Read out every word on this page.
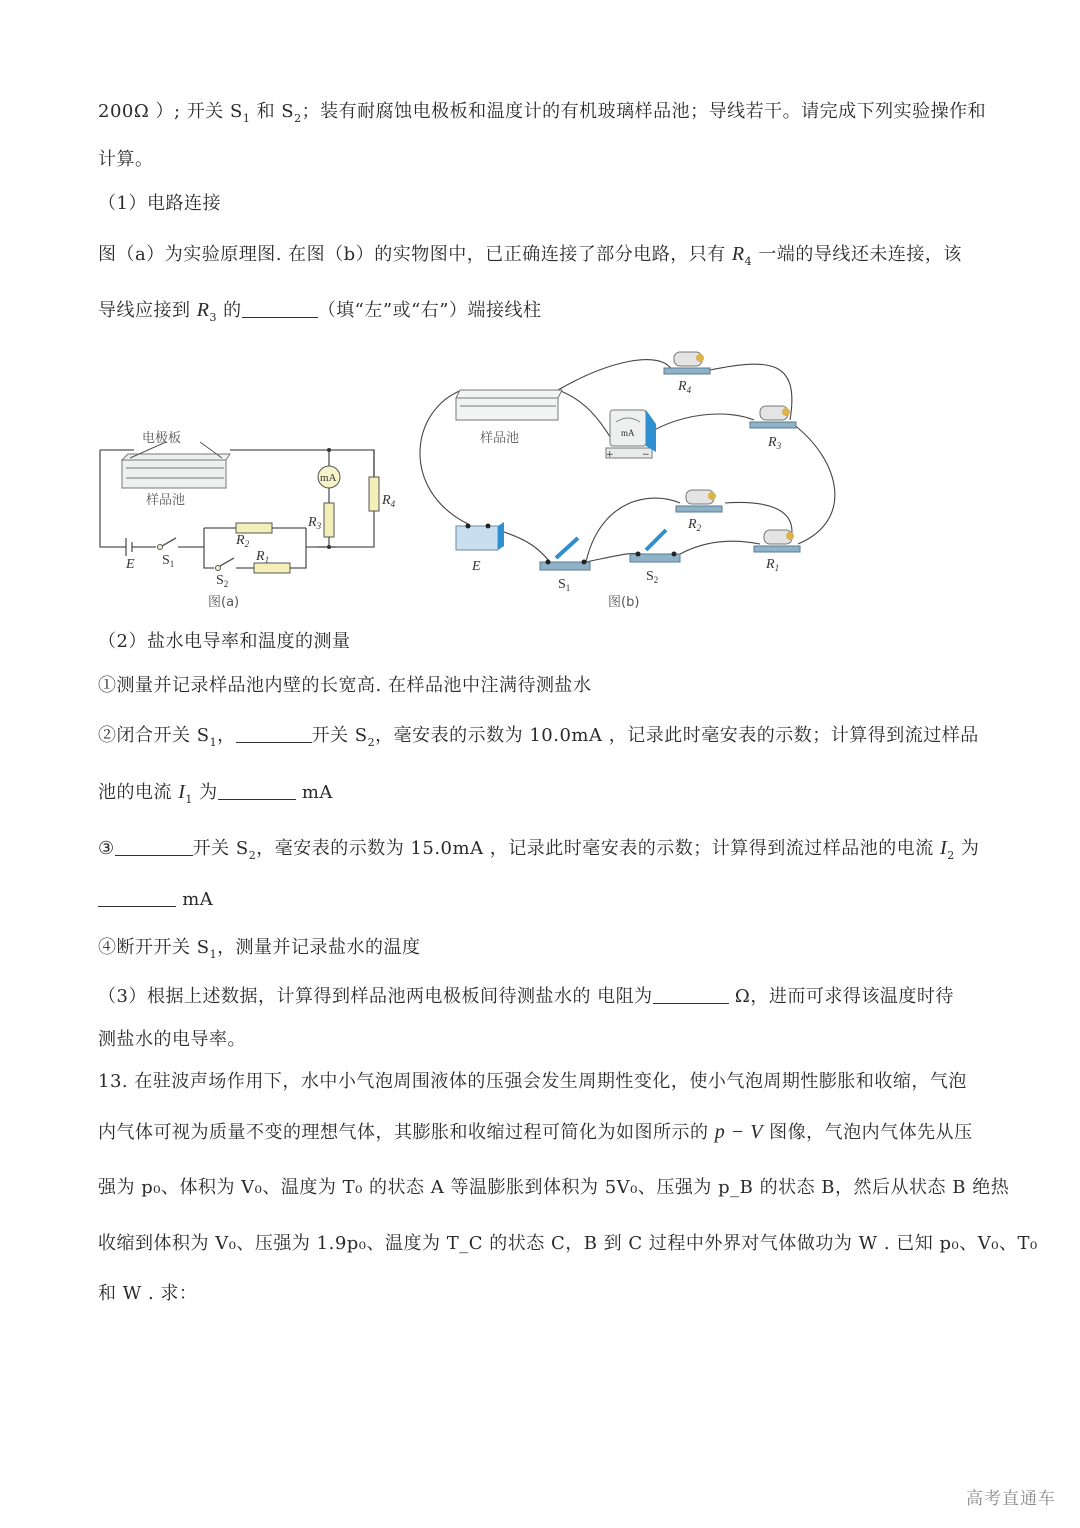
200Ω ）; 开关 $S_1$ 和 $S_2$；装有耐腐蚀电极板和温度计的有机玻璃样品池；导线若干。请完成下列实验操作和
计算。
（1）电路连接
图（a）为实验原理图. 在图（b）的实物图中，已正确连接了部分电路，只有 $R_4$ 一端的导线还未连接，该
导线应接到 $R_3$ 的	（填“左”或“右”）端接线柱
电极板
样品池
mA
$R_2$
$R_1$
$R_3$
$R_4$
E $S_1$
$S_2$
图(a)
样品池	mA
+	−
$R_4$
$R_3$
$R_2$
$R_1$
E
$S_1$
$S_2$
图(b)
（2）盐水电导率和温度的测量
①测量并记录样品池内壁的长宽高. 在样品池中注满待测盐水
②闭合开关 $S_1$，	开关 $S_2$，毫安表的示数为 10.0mA ，记录此时毫安表的示数；计算得到流过样品
池的电流 $I_1$ 为	mA
③	开关 $S_2$，毫安表的示数为 15.0mA ，记录此时毫安表的示数；计算得到流过样品池的电流 $I_2$ 为
mA
④断开开关 $S_1$，测量并记录盐水的温度
（3）根据上述数据，计算得到样品池两电极板间待测盐水的 电阻为	Ω，进而可求得该温度时待
测盐水的电导率。
13. 在驻波声场作用下，水中小气泡周围液体的压强会发生周期性变化，使小气泡周期性膨胀和收缩，气泡
内气体可视为质量不变的理想气体，其膨胀和收缩过程可简化为如图所示的 p − V 图像，气泡内气体先从压
强为 p₀、体积为 V₀、温度为 T₀ 的状态 A 等温膨胀到体积为 5V₀、压强为 p_B 的状态 B，然后从状态 B 绝热
收缩到体积为 V₀、压强为 1.9p₀、温度为 T_C 的状态 C，B 到 C 过程中外界对气体做功为 W . 已知 p₀、V₀、T₀
和 W . 求：
高考直通车
